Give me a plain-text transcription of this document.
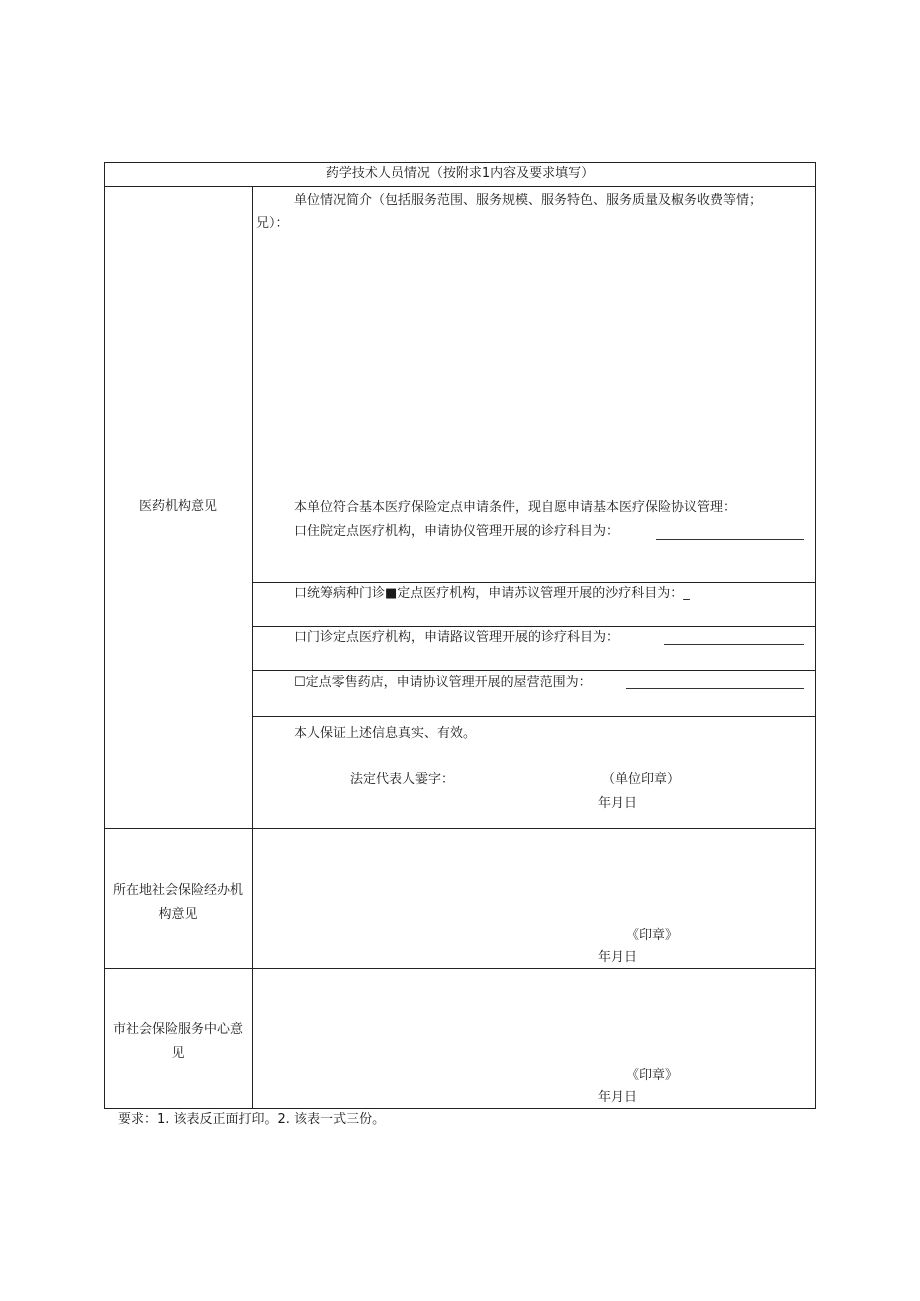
药学技术人员情况（按附求1内容及要求填写）
医药机构意见
单位情况简介（包括服务范围、服务规模、服务特色、服务质量及椒务收费等情；
兄）：
本单位符合基本医疗保险定点申请条件，现自愿申请基本医疗保险协议管理：
口住院定点医疗机构，申请协仪管理开展的诊疗科目为：
口统筹病种门诊■定点医疗机构，申请苏议管理开展的沙疗科目为：_
口门诊定点医疗机构，申请路议管理开展的诊疗科目为：
☐定点零售药店，申请协议管理开展的屋营范围为：
本人保证上述信息真实、有效。
法定代表人霎字：	（单位印章）
年月日
所在地社会保险经办机
构意见
《印章》
年月日
市社会保险服务中心意
见
《印章》
年月日
要求：1. 该表反正面打印。2. 该表一式三份。
